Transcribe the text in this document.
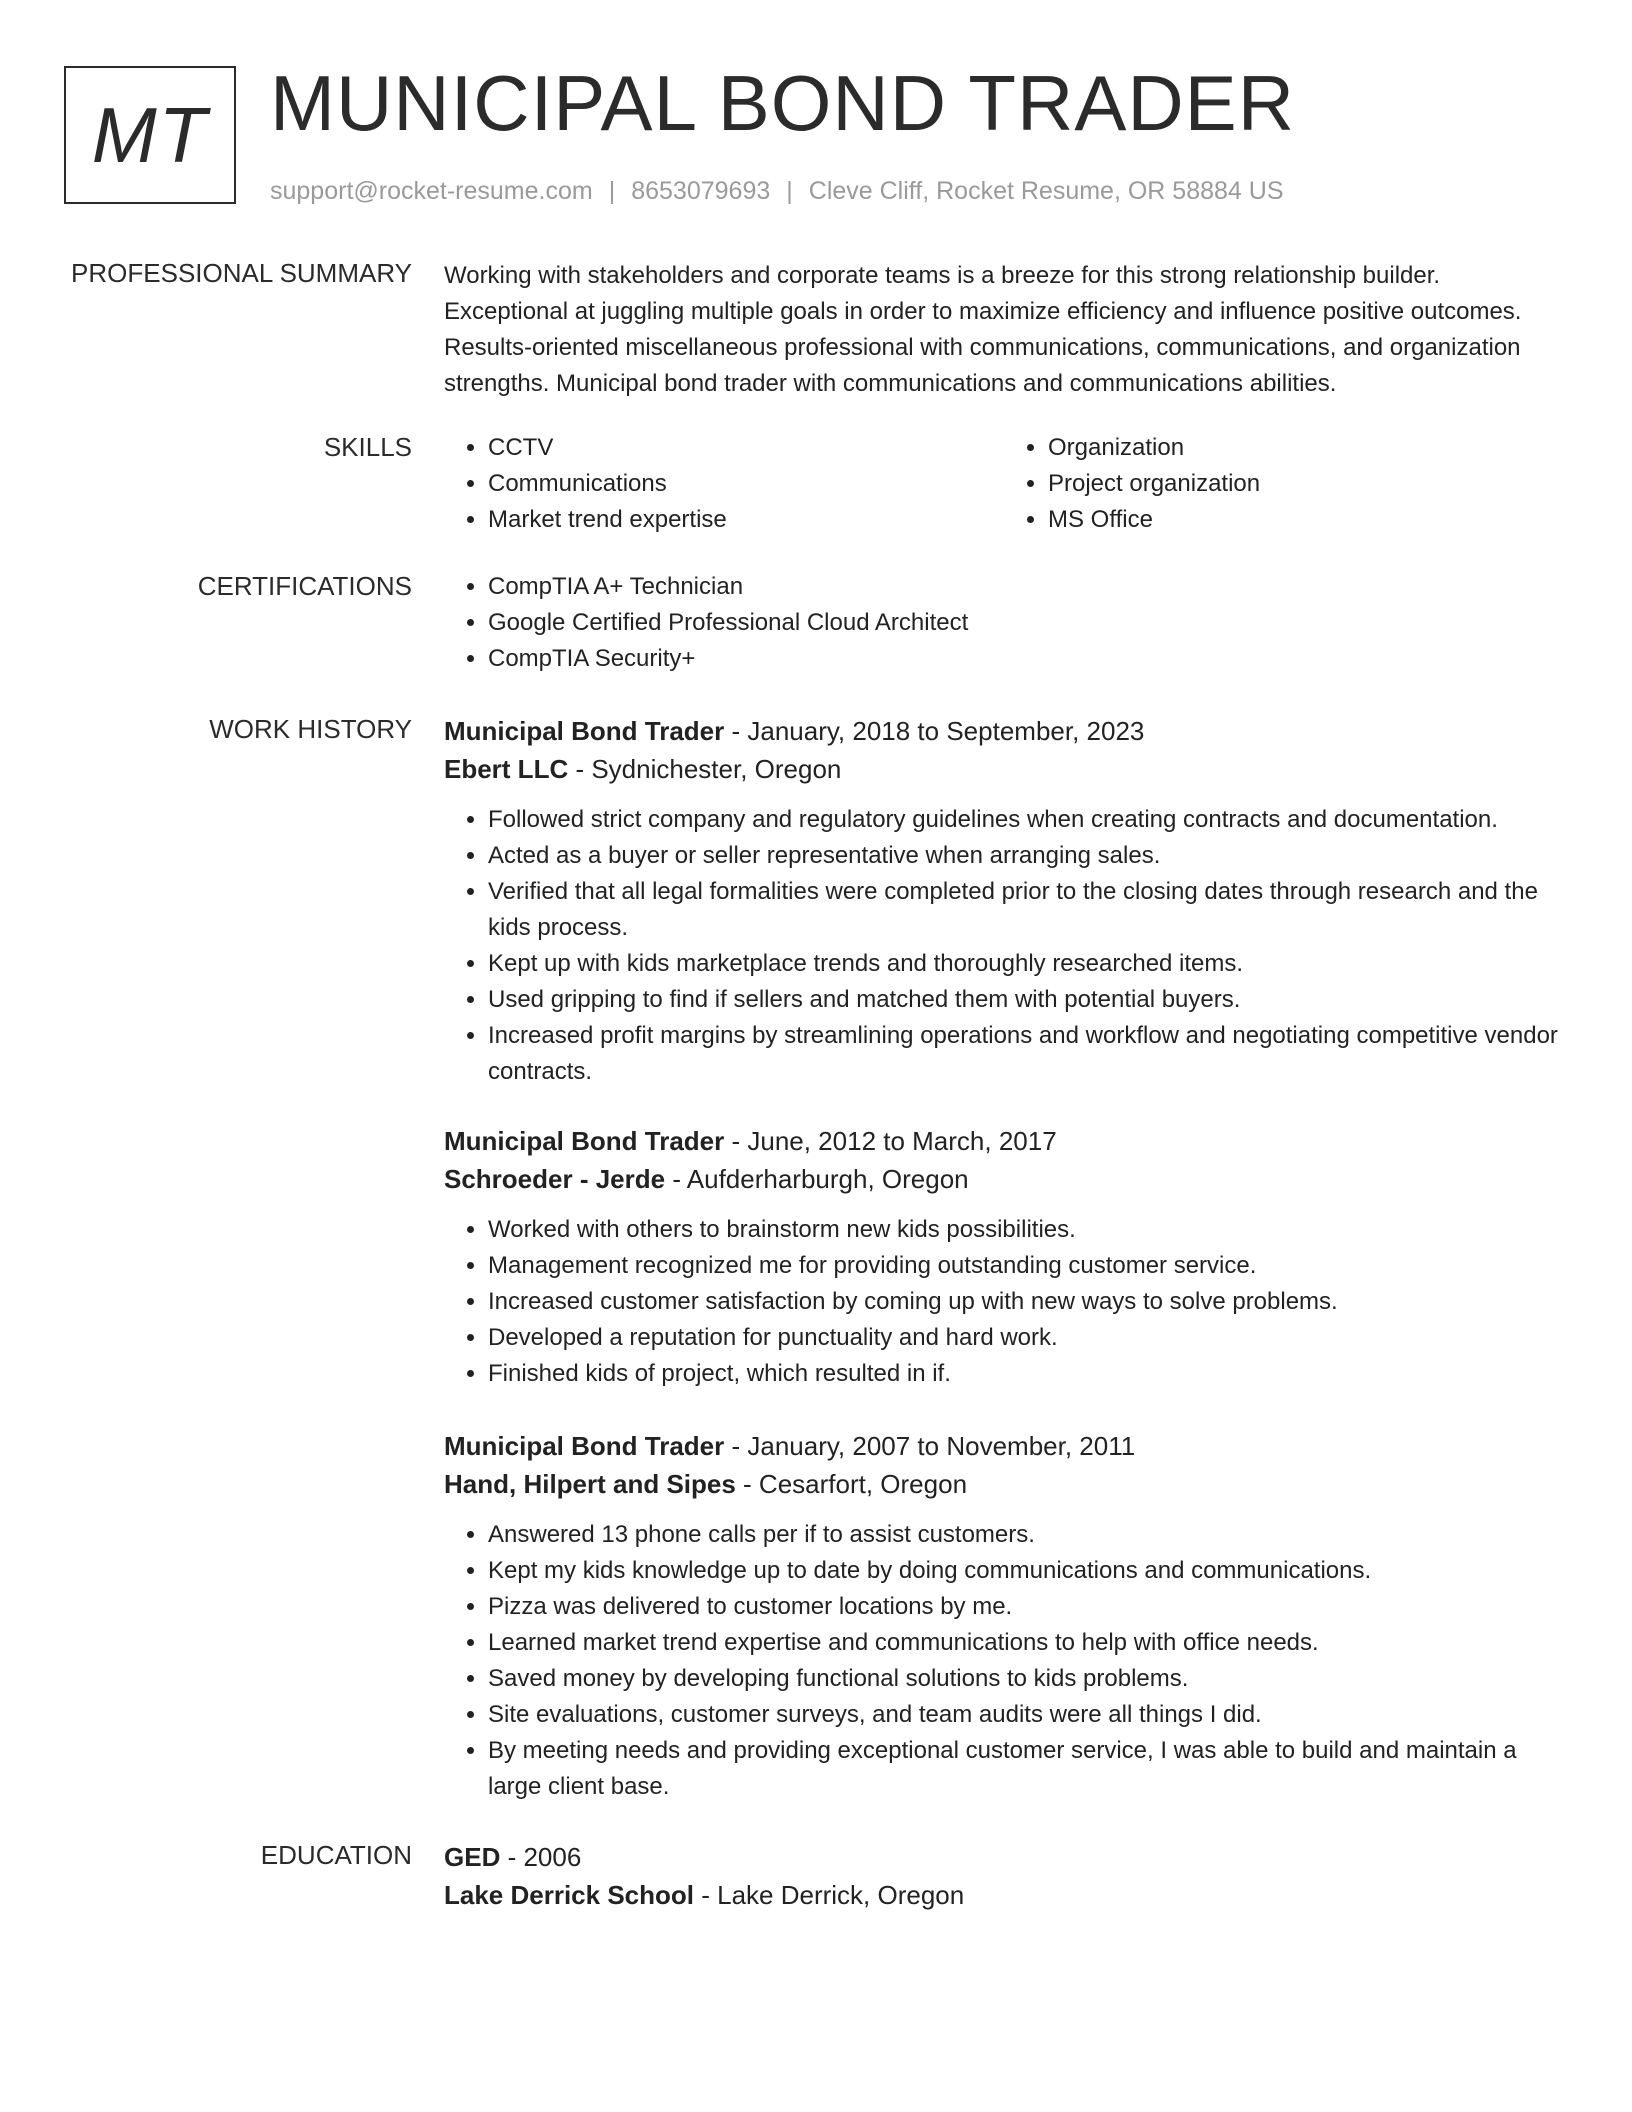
MT MUNICIPAL BOND TRADER
support@rocket-resume.com | 8653079693 | Cleve Cliff, Rocket Resume, OR 58884 US
PROFESSIONAL SUMMARY Working with stakeholders and corporate teams is a breeze for this strong relationship builder. Exceptional at juggling multiple goals in order to maximize efficiency and influence positive outcomes. Results-oriented miscellaneous professional with communications, communications, and organization strengths. Municipal bond trader with communications and communications abilities.
SKILLS	• CCTV
• Communications
• Market trend expertise
• Organization
• Project organization
• MS Office
CERTIFICATIONS	• CompTIA A+ Technician
• Google Certified Professional Cloud Architect
• CompTIA Security+
WORK HISTORY Municipal Bond Trader - January, 2018 to September, 2023
Ebert LLC - Sydnichester, Oregon
• Followed strict company and regulatory guidelines when creating contracts and documentation.
• Acted as a buyer or seller representative when arranging sales.
• Verified that all legal formalities were completed prior to the closing dates through research and the kids process.
• Kept up with kids marketplace trends and thoroughly researched items.
• Used gripping to find if sellers and matched them with potential buyers.
• Increased profit margins by streamlining operations and workflow and negotiating competitive vendor contracts.
Municipal Bond Trader - June, 2012 to March, 2017
Schroeder - Jerde - Aufderharburgh, Oregon
• Worked with others to brainstorm new kids possibilities.
• Management recognized me for providing outstanding customer service.
• Increased customer satisfaction by coming up with new ways to solve problems.
• Developed a reputation for punctuality and hard work.
• Finished kids of project, which resulted in if.
Municipal Bond Trader - January, 2007 to November, 2011
Hand, Hilpert and Sipes - Cesarfort, Oregon
• Answered 13 phone calls per if to assist customers.
• Kept my kids knowledge up to date by doing communications and communications.
• Pizza was delivered to customer locations by me.
• Learned market trend expertise and communications to help with office needs.
• Saved money by developing functional solutions to kids problems.
• Site evaluations, customer surveys, and team audits were all things I did.
• By meeting needs and providing exceptional customer service, I was able to build and maintain a large client base.
EDUCATION GED - 2006
Lake Derrick School - Lake Derrick, Oregon
